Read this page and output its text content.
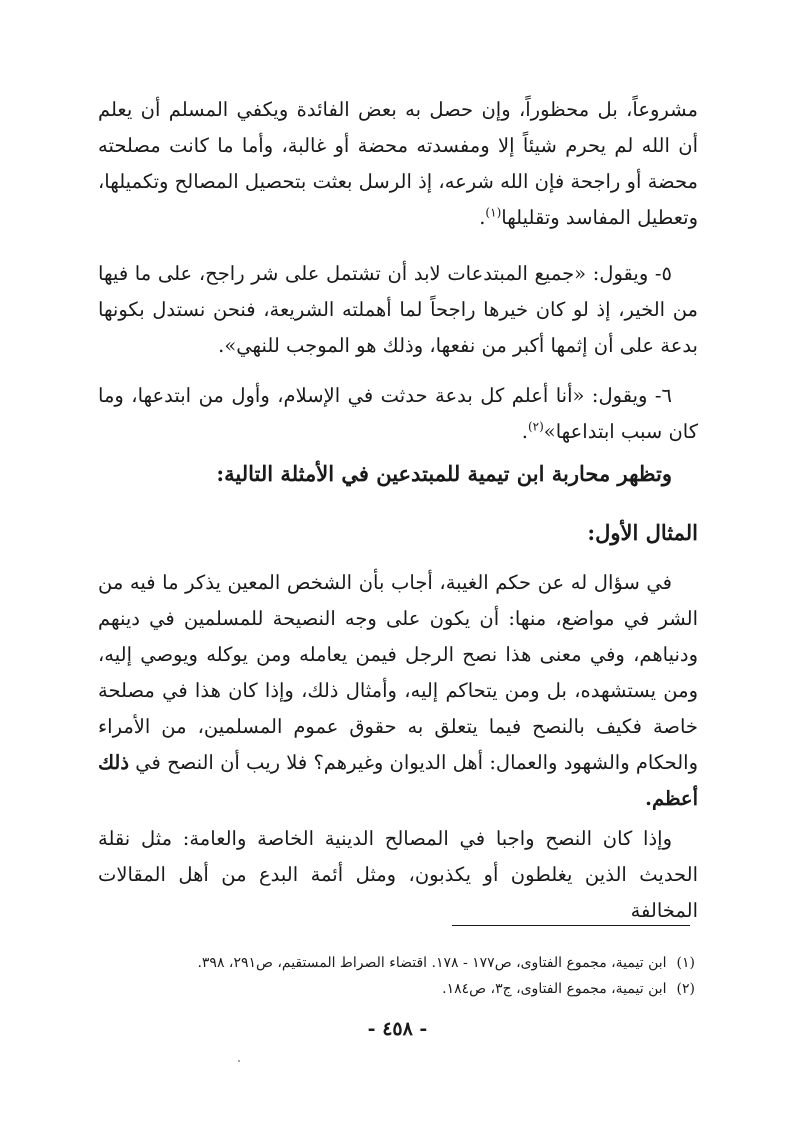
مشروعاً، بل محظوراً، وإن حصل به بعض الفائدة ويكفي المسلم أن يعلم أن الله لم يحرم شيئاً إلا ومفسدته محضة أو غالبة، وأما ما كانت مصلحته محضة أو راجحة فإن الله شرعه، إذ الرسل بعثت بتحصيل المصالح وتكميلها، وتعطيل المفاسد وتقليلها$^{(١)}$.
٥- ويقول: «جميع المبتدعات لابد أن تشتمل على شر راجح، على ما فيها من الخير، إذ لو كان خيرها راجحاً لما أهملته الشريعة، فنحن نستدل بكونها بدعة على أن إثمها أكبر من نفعها، وذلك هو الموجب للنهي».
٦- ويقول: «أنا أعلم كل بدعة حدثت في الإسلام، وأول من ابتدعها، وما كان سبب ابتداعها»$^{(٢)}$.
وتظهر محاربة ابن تيمية للمبتدعين في الأمثلة التالية:
المثال الأول:
في سؤال له عن حكم الغيبة، أجاب بأن الشخص المعين يذكر ما فيه من الشر في مواضع، منها: أن يكون على وجه النصيحة للمسلمين في دينهم ودنياهم، وفي معنى هذا نصح الرجل فيمن يعامله ومن يوكله ويوصي إليه، ومن يستشهده، بل ومن يتحاكم إليه، وأمثال ذلك، وإذا كان هذا في مصلحة خاصة فكيف بالنصح فيما يتعلق به حقوق عموم المسلمين، من الأمراء والحكام والشهود والعمال: أهل الديوان وغيرهم؟ فلا ريب أن النصح في ذلك أعظم.
وإذا كان النصح واجبا في المصالح الدينية الخاصة والعامة: مثل نقلة الحديث الذين يغلطون أو يكذبون، ومثل أئمة البدع من أهل المقالات المخالفة
(١)ابن تيمية، مجموع الفتاوى، ص١٧٧ - ١٧٨. اقتضاء الصراط المستقيم، ص٢٩١، ٣٩٨.
(٢)ابن تيمية، مجموع الفتاوى، ج٣، ص١٨٤.
- ٤٥٨ -
